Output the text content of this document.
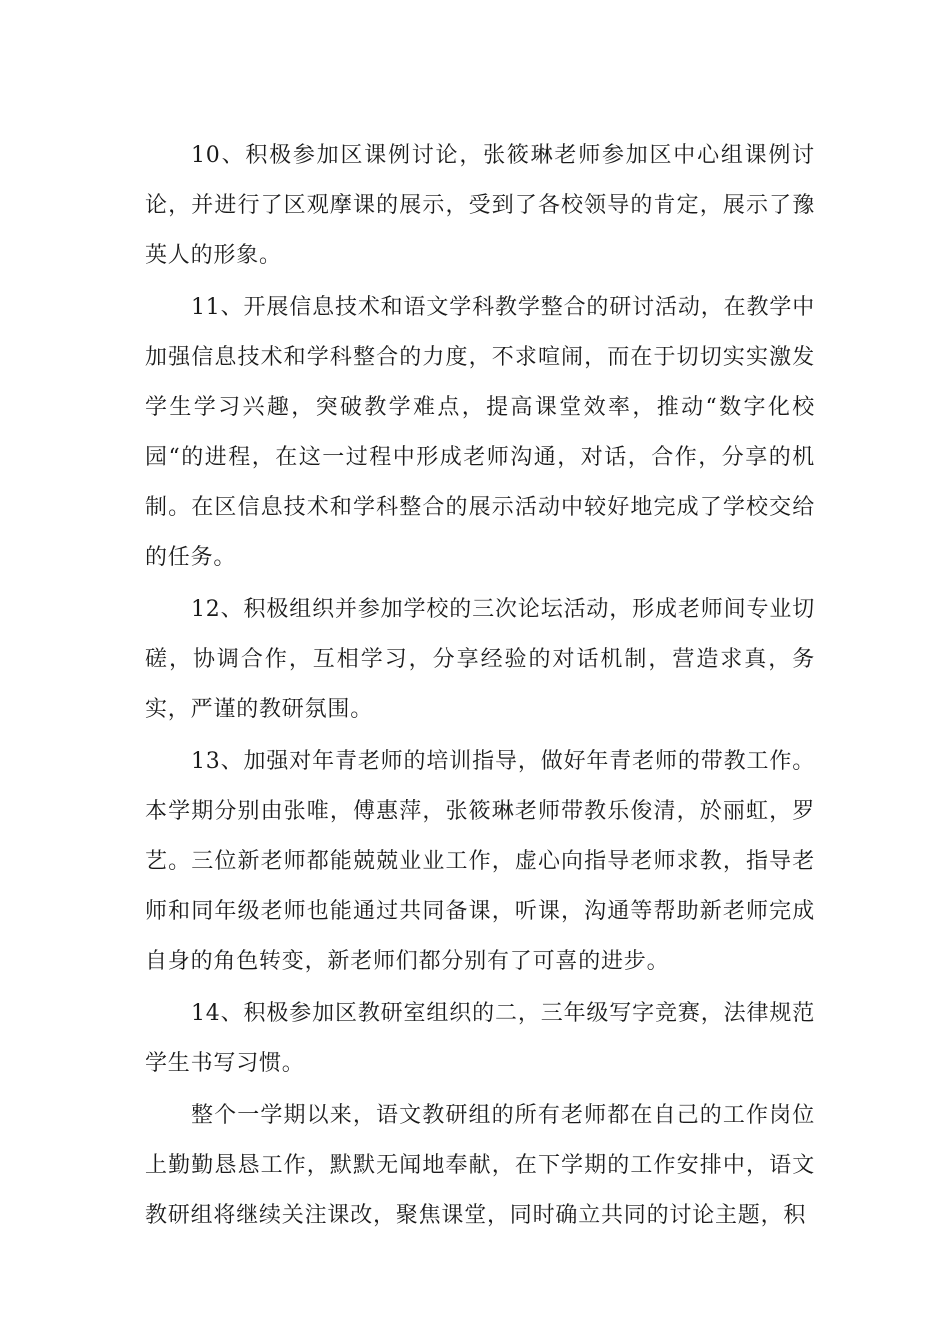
10、积极参加区课例讨论，张筱琳老师参加区中心组课例讨论，并进行了区观摩课的展示，受到了各校领导的肯定，展示了豫英人的形象。

11、开展信息技术和语文学科教学整合的研讨活动，在教学中加强信息技术和学科整合的力度，不求喧闹，而在于切切实实激发学生学习兴趣，突破教学难点，提高课堂效率，推动“数字化校园“的进程，在这一过程中形成老师沟通，对话，合作，分享的机制。在区信息技术和学科整合的展示活动中较好地完成了学校交给的任务。

12、积极组织并参加学校的三次论坛活动，形成老师间专业切磋，协调合作，互相学习，分享经验的对话机制，营造求真，务实，严谨的教研氛围。

13、加强对年青老师的培训指导，做好年青老师的带教工作。本学期分别由张唯，傅惠萍，张筱琳老师带教乐俊清，於丽虹，罗艺。三位新老师都能兢兢业业工作，虚心向指导老师求教，指导老师和同年级老师也能通过共同备课，听课，沟通等帮助新老师完成自身的角色转变，新老师们都分别有了可喜的进步。

14、积极参加区教研室组织的二，三年级写字竞赛，法律规范学生书写习惯。

整个一学期以来，语文教研组的所有老师都在自己的工作岗位上勤勤恳恳工作，默默无闻地奉献，在下学期的工作安排中，语文教研组将继续关注课改，聚焦课堂，同时确立共同的讨论主题，积
